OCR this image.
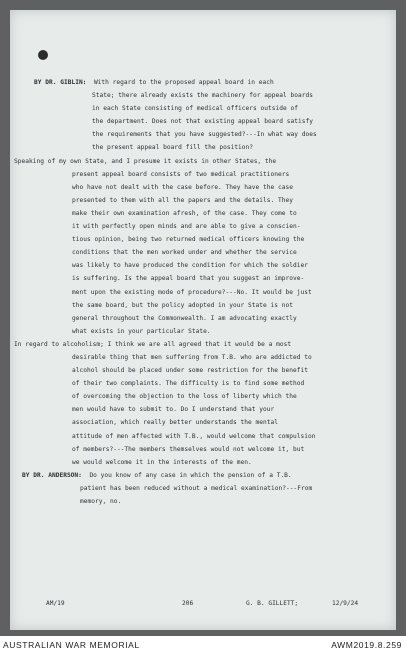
BY DR. GIBLIN: With regard to the proposed appeal board in each
State; there already exists the machinery for appeal boards
in each State consisting of medical officers outside of
the department. Does not that existing appeal board satisfy
the requirements that you have suggested?---In what way does
the present appeal board fill the position?
Speaking of my own State, and I presume it exists in other States, the
present appeal board consists of two medical practitioners
who have not dealt with the case before. They have the case
presented to them with all the papers and the details. They
make their own examination afresh, of the case. They come to
it with perfectly open minds and are able to give a conscien-
tious opinion, being two returned medical officers knowing the
conditions that the men worked under and whether the service
was likely to have produced the condition for which the soldier
is suffering. Is the appeal board that you suggest an improve-
ment upon the existing mode of procedure?---No. It would be just
the same board, but the policy adopted in your State is not
general throughout the Commonwealth. I am advocating exactly
what exists in your particular State.
In regard to alcoholism; I think we are all agreed that it would be a most
desirable thing that men suffering from T.B. who are addicted to
alcohol should be placed under some restriction for the benefit
of their two complaints. The difficulty is to find some method
of overcoming the objection to the loss of liberty which the
men would have to submit to. Do I understand that your
association, which really better understands the mental
attitude of men affected with T.B., would welcome that compulsion
of members?---The members themselves would not welcome it, but
we would welcome it in the interests of the men.
BY DR. ANDERSON: Do you know of any case in which the pension of a T.B.
patient has been reduced without a medical examination?---From
memory, no.
AM/19	206	G. B. GILLETT;	12/9/24
AUSTRALIAN WAR MEMORIAL	AWM2019.8.259
